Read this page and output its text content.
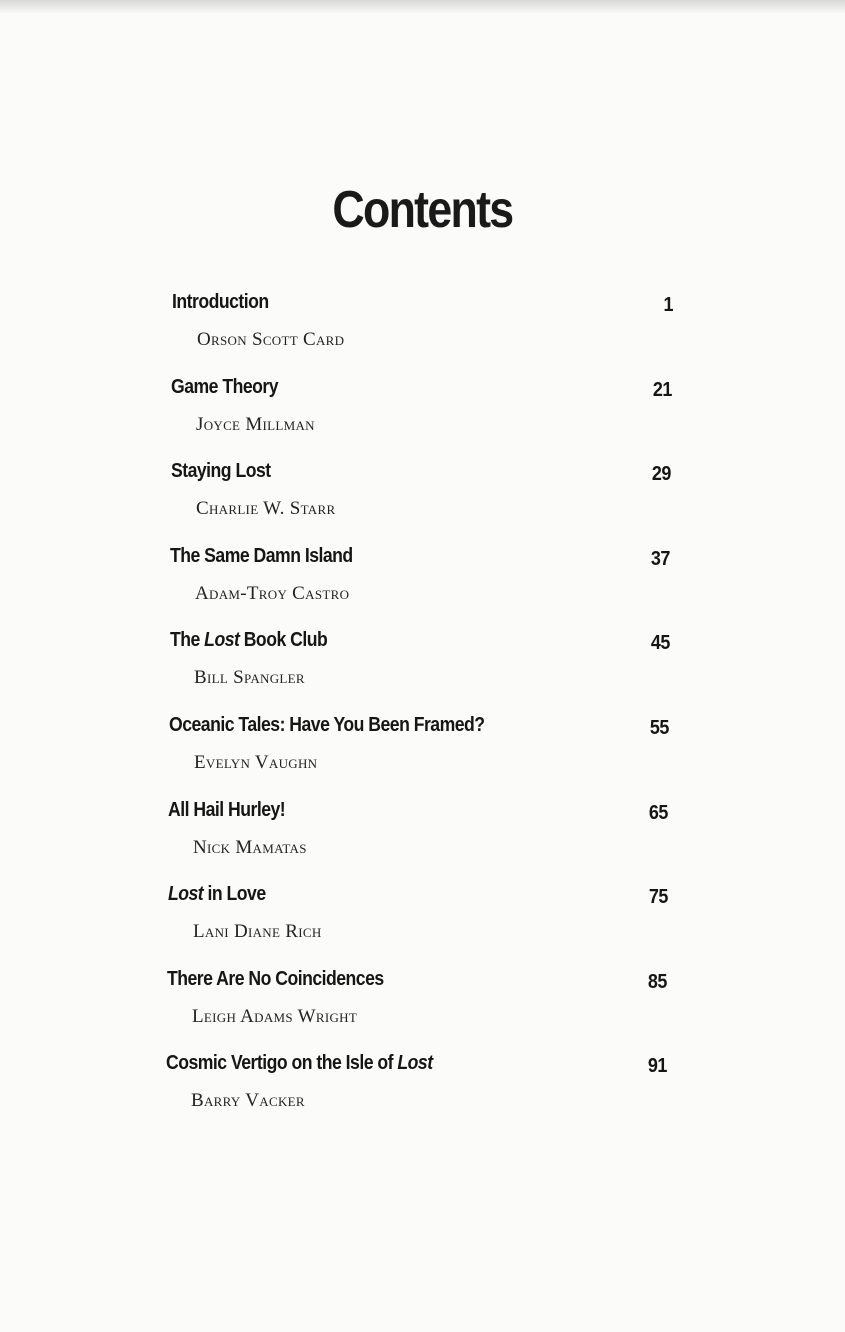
Contents
Introduction	1
Orson Scott Card
Game Theory	21
Joyce Millman
Staying Lost	29
Charlie W. Starr
The Same Damn Island	37
Adam-Troy Castro
The Lost Book Club	45
Bill Spangler
Oceanic Tales: Have You Been Framed?	55
Evelyn Vaughn
All Hail Hurley!	65
Nick Mamatas
Lost in Love	75
Lani Diane Rich
There Are No Coincidences	85
Leigh Adams Wright
Cosmic Vertigo on the Isle of Lost	91
Barry Vacker
